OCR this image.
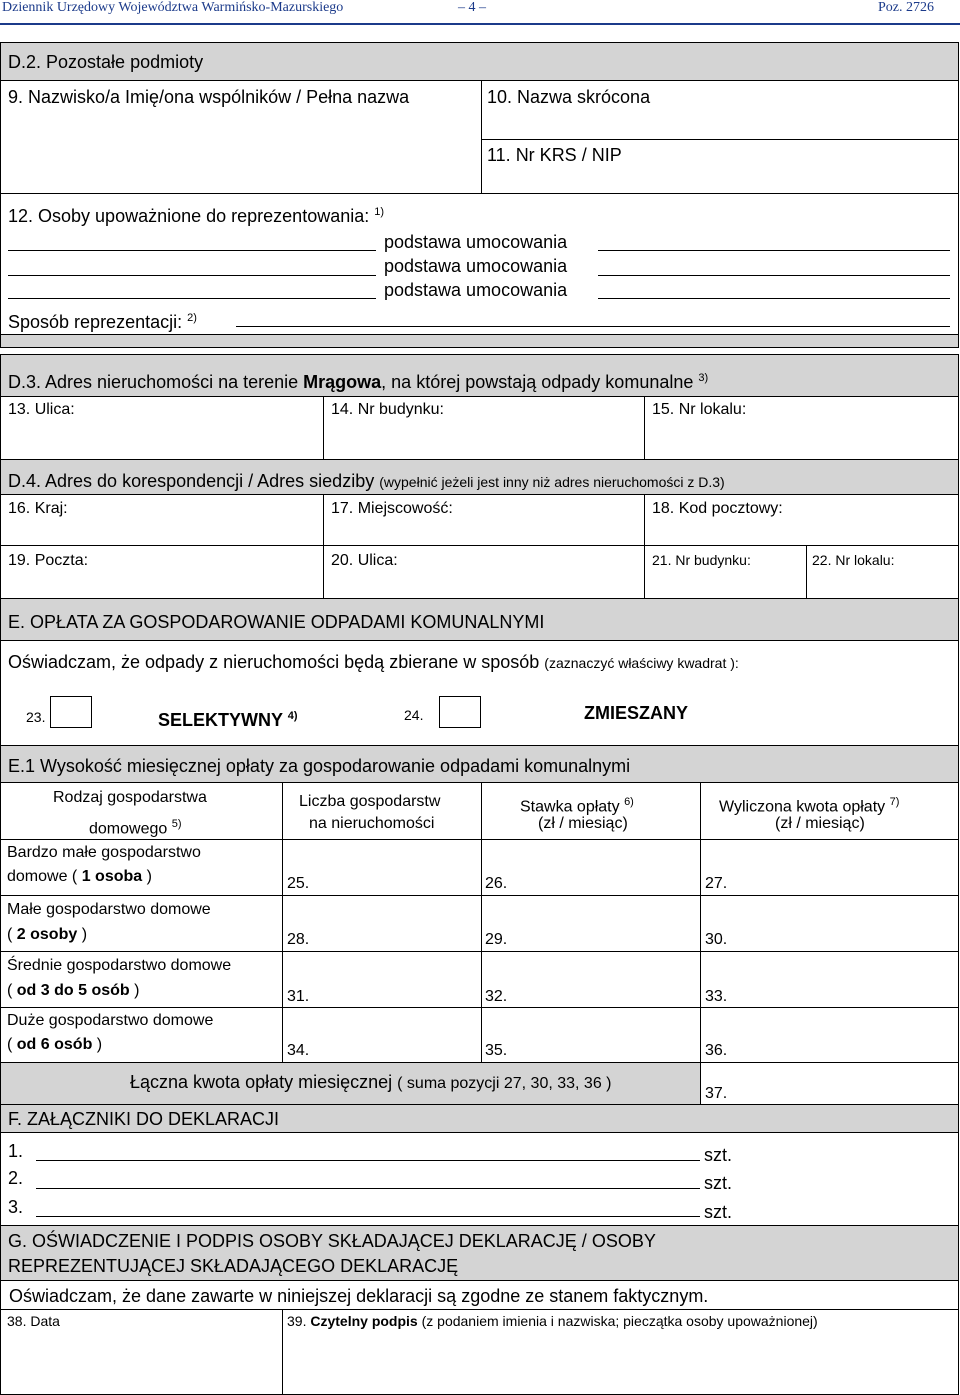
Dziennik Urzędowy Województwa Warmińsko-Mazurskiego	– 4 –	Poz. 2726
D.2. Pozostałe podmioty
9. Nazwisko/a Imię/ona wspólników / Pełna nazwa	10. Nazwa skrócona
11. Nr KRS / NIP
12. Osoby upoważnione do reprezentowania: $^{1)}$
podstawa umocowania
podstawa umocowania
podstawa umocowania
Sposób reprezentacji: $^{2)}$
D.3. Adres nieruchomości na terenie Mrągowa, na której powstają odpady komunalne $^{3)}$
13. Ulica:	14. Nr budynku:	15. Nr lokalu:
D.4. Adres do korespondencji / Adres siedziby (wypełnić jeżeli jest inny niż adres nieruchomości z D.3)
16. Kraj:	17. Miejscowość:	18. Kod pocztowy:
19. Poczta:	20. Ulica:	21. Nr budynku:	22. Nr lokalu:
E. OPŁATA ZA GOSPODAROWANIE ODPADAMI KOMUNALNYMI
Oświadczam, że odpady z nieruchomości będą zbierane w sposób (zaznaczyć właściwy kwadrat ):
23.	SELEKTYWNY $^{4)}$	24.	ZMIESZANY
E.1 Wysokość miesięcznej opłaty za gospodarowanie odpadami komunalnymi
Rodzaj gospodarstwa
domowego $^{5)}$
Liczba gospodarstw
na nieruchomości
Stawka opłaty $^{6)}$
(zł / miesiąc)
Wyliczona kwota opłaty $^{7)}$
(zł / miesiąc)
Bardzo małe gospodarstwo
domowe ( 1 osoba )	25.	26.	27.
Małe gospodarstwo domowe
( 2 osoby )	28.	29.	30.
Średnie gospodarstwo domowe
( od 3 do 5 osób )	31.	32.	33.
Duże gospodarstwo domowe
( od 6 osób )	34.	35.	36.
Łączna kwota opłaty miesięcznej ( suma pozycji 27, 30, 33, 36 )
37.
F. ZAŁĄCZNIKI DO DEKLARACJI
1.	szt.
2.	szt.
3.	szt.
G. OŚWIADCZENIE I PODPIS OSOBY SKŁADAJĄCEJ DEKLARACJĘ / OSOBY
REPREZENTUJĄCEJ SKŁADAJĄCEGO DEKLARACJĘ
Oświadczam, że dane zawarte w niniejszej deklaracji są zgodne ze stanem faktycznym.
38. Data	39. Czytelny podpis (z podaniem imienia i nazwiska; pieczątka osoby upoważnionej)
